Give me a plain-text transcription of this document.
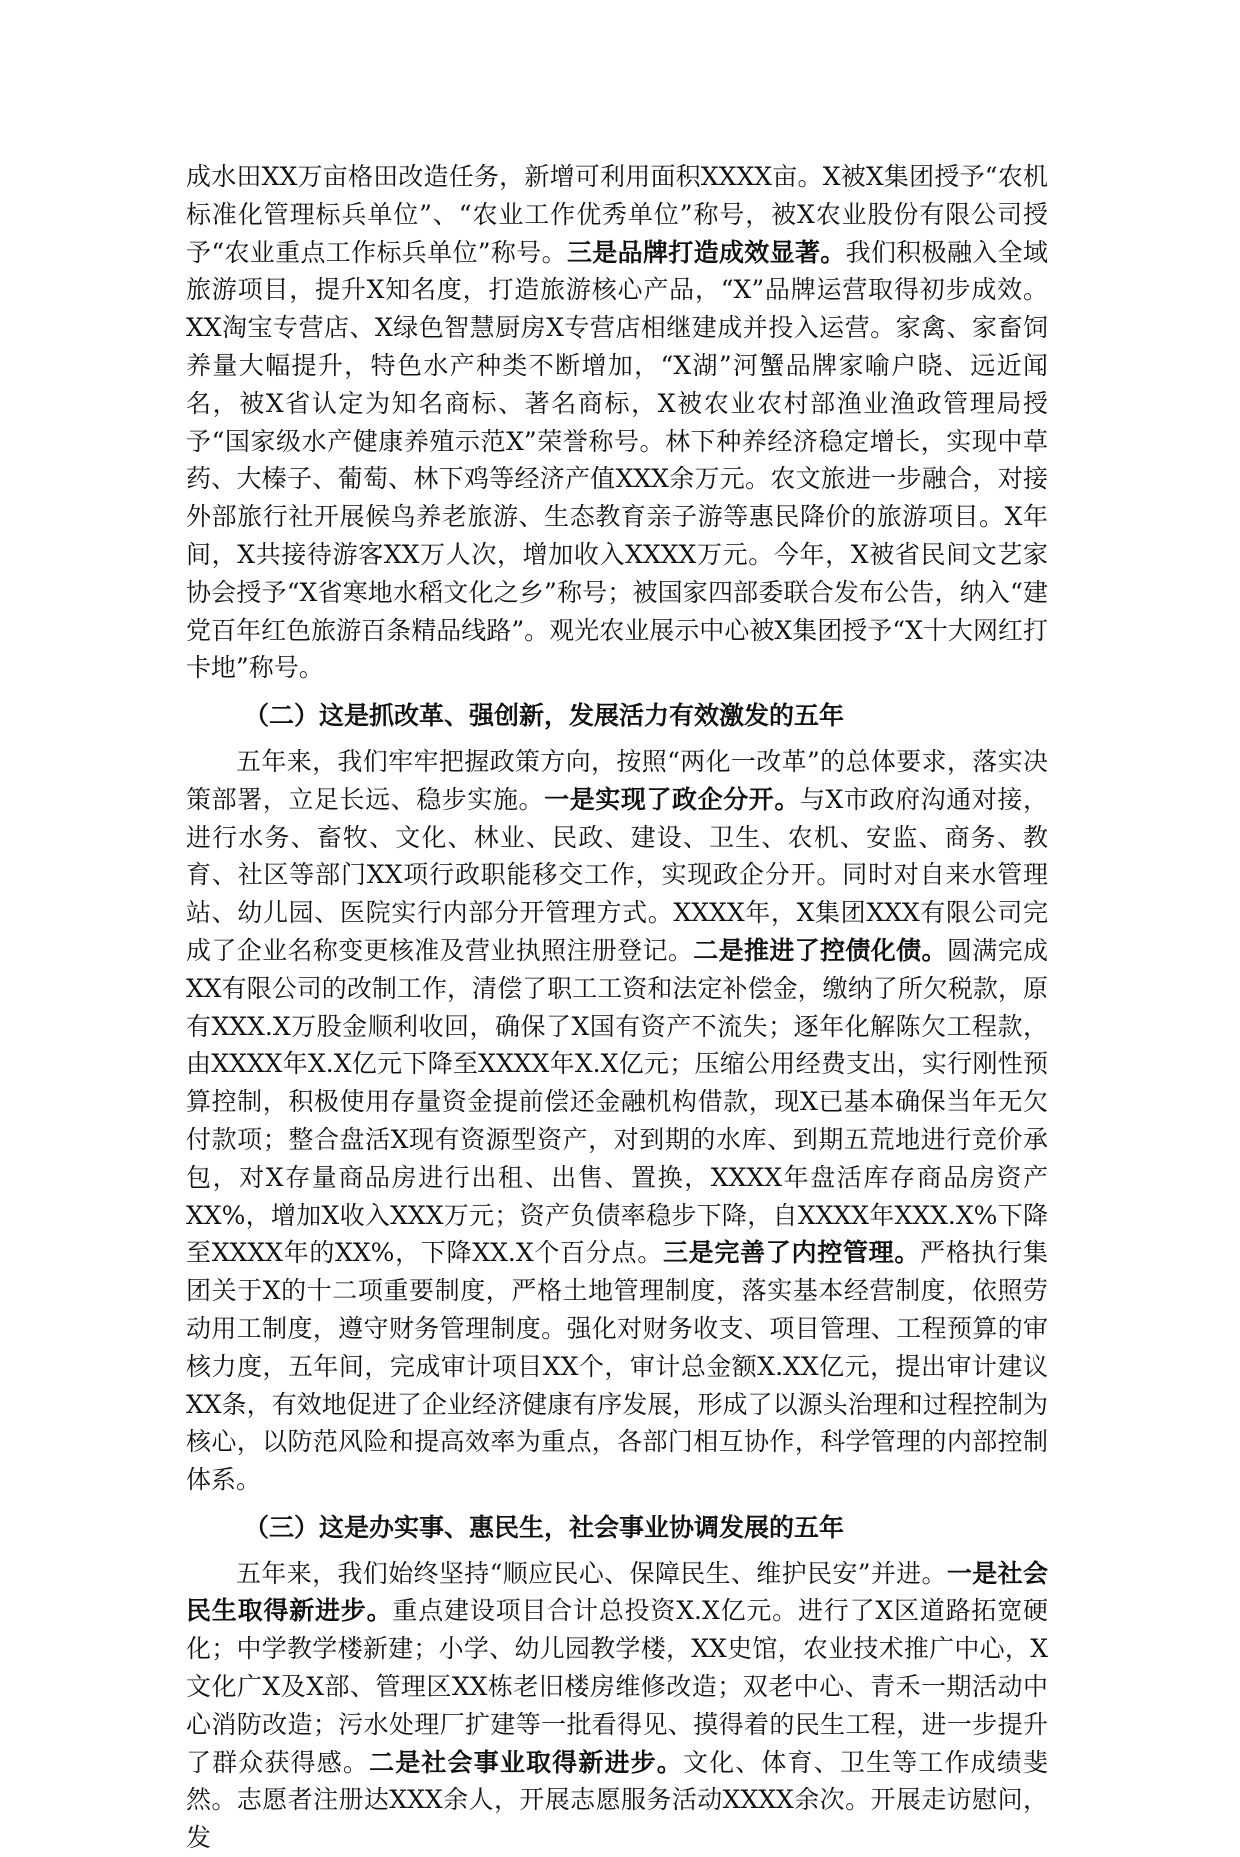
成水田XX万亩格田改造任务，新增可利用面积XXXX亩。X被X集团授予“农机标准化管理标兵单位”、“农业工作优秀单位”称号，被X农业股份有限公司授予“农业重点工作标兵单位”称号。三是品牌打造成效显著。我们积极融入全域旅游项目，提升X知名度，打造旅游核心产品，“X”品牌运营取得初步成效。XX淘宝专营店、X绿色智慧厨房X专营店相继建成并投入运营。家禽、家畜饲养量大幅提升，特色水产种类不断增加，“X湖”河蟹品牌家喻户晓、远近闻名，被X省认定为知名商标、著名商标，X被农业农村部渔业渔政管理局授予“国家级水产健康养殖示范X”荣誉称号。林下种养经济稳定增长，实现中草药、大榛子、葡萄、林下鸡等经济产值XXX余万元。农文旅进一步融合，对接外部旅行社开展候鸟养老旅游、生态教育亲子游等惠民降价的旅游项目。X年间，X共接待游客XX万人次，增加收入XXXX万元。今年，X被省民间文艺家协会授予“X省寒地水稻文化之乡”称号；被国家四部委联合发布公告，纳入“建党百年红色旅游百条精品线路”。观光农业展示中心被X集团授予“X十大网红打卡地”称号。

（二）这是抓改革、强创新，发展活力有效激发的五年

五年来，我们牢牢把握政策方向，按照“两化一改革”的总体要求，落实决策部署，立足长远、稳步实施。一是实现了政企分开。与X市政府沟通对接，进行水务、畜牧、文化、林业、民政、建设、卫生、农机、安监、商务、教育、社区等部门XX项行政职能移交工作，实现政企分开。同时对自来水管理站、幼儿园、医院实行内部分开管理方式。XXXX年，X集团XXX有限公司完成了企业名称变更核准及营业执照注册登记。二是推进了控债化债。圆满完成XX有限公司的改制工作，清偿了职工工资和法定补偿金，缴纳了所欠税款，原有XXX.X万股金顺利收回，确保了X国有资产不流失；逐年化解陈欠工程款，由XXXX年X.X亿元下降至XXXX年X.X亿元；压缩公用经费支出，实行刚性预算控制，积极使用存量资金提前偿还金融机构借款，现X已基本确保当年无欠付款项；整合盘活X现有资源型资产，对到期的水库、到期五荒地进行竞价承包，对X存量商品房进行出租、出售、置换，XXXX年盘活库存商品房资产XX%，增加X收入XXX万元；资产负债率稳步下降，自XXXX年XXX.X%下降至XXXX年的XX%，下降XX.X个百分点。三是完善了内控管理。严格执行集团关于X的十二项重要制度，严格土地管理制度，落实基本经营制度，依照劳动用工制度，遵守财务管理制度。强化对财务收支、项目管理、工程预算的审核力度，五年间，完成审计项目XX个，审计总金额X.XX亿元，提出审计建议XX条，有效地促进了企业经济健康有序发展，形成了以源头治理和过程控制为核心，以防范风险和提高效率为重点，各部门相互协作，科学管理的内部控制体系。

（三）这是办实事、惠民生，社会事业协调发展的五年

五年来，我们始终坚持“顺应民心、保障民生、维护民安”并进。一是社会民生取得新进步。重点建设项目合计总投资X.X亿元。进行了X区道路拓宽硬化；中学教学楼新建；小学、幼儿园教学楼，XX史馆，农业技术推广中心，X文化广X及X部、管理区XX栋老旧楼房维修改造；双老中心、青禾一期活动中心消防改造；污水处理厂扩建等一批看得见、摸得着的民生工程，进一步提升了群众获得感。二是社会事业取得新进步。文化、体育、卫生等工作成绩斐然。志愿者注册达XXX余人，开展志愿服务活动XXXX余次。开展走访慰问，发
